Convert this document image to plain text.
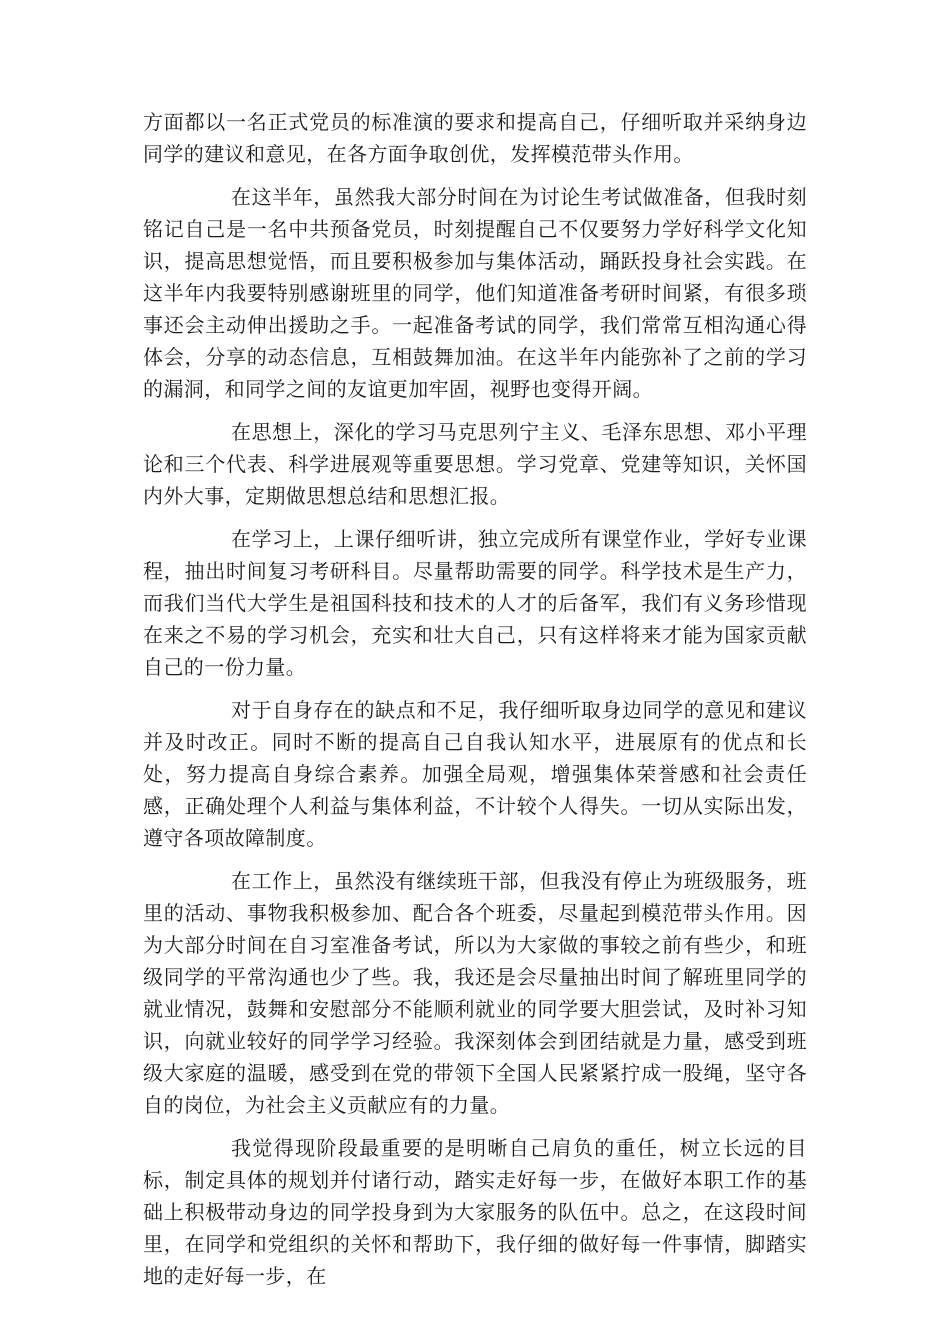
方面都以一名正式党员的标准演的要求和提高自己，仔细听取并采纳身边同学的建议和意见，在各方面争取创优，发挥模范带头作用。

在这半年，虽然我大部分时间在为讨论生考试做准备，但我时刻铭记自己是一名中共预备党员，时刻提醒自己不仅要努力学好科学文化知识，提高思想觉悟，而且要积极参加与集体活动，踊跃投身社会实践。在这半年内我要特别感谢班里的同学，他们知道准备考研时间紧，有很多琐事还会主动伸出援助之手。一起准备考试的同学，我们常常互相沟通心得体会，分享的动态信息，互相鼓舞加油。在这半年内能弥补了之前的学习的漏洞，和同学之间的友谊更加牢固，视野也变得开阔。

在思想上，深化的学习马克思列宁主义、毛泽东思想、邓小平理论和三个代表、科学进展观等重要思想。学习党章、党建等知识，关怀国内外大事，定期做思想总结和思想汇报。

在学习上，上课仔细听讲，独立完成所有课堂作业，学好专业课程，抽出时间复习考研科目。尽量帮助需要的同学。科学技术是生产力，而我们当代大学生是祖国科技和技术的人才的后备军，我们有义务珍惜现在来之不易的学习机会，充实和壮大自己，只有这样将来才能为国家贡献自己的一份力量。

对于自身存在的缺点和不足，我仔细听取身边同学的意见和建议并及时改正。同时不断的提高自己自我认知水平，进展原有的优点和长处，努力提高自身综合素养。加强全局观，增强集体荣誉感和社会责任感，正确处理个人利益与集体利益，不计较个人得失。一切从实际出发，遵守各项故障制度。

在工作上，虽然没有继续班干部，但我没有停止为班级服务，班里的活动、事物我积极参加、配合各个班委，尽量起到模范带头作用。因为大部分时间在自习室准备考试，所以为大家做的事较之前有些少，和班级同学的平常沟通也少了些。我，我还是会尽量抽出时间了解班里同学的就业情况，鼓舞和安慰部分不能顺利就业的同学要大胆尝试，及时补习知识，向就业较好的同学学习经验。我深刻体会到团结就是力量，感受到班级大家庭的温暖，感受到在党的带领下全国人民紧紧拧成一股绳，坚守各自的岗位，为社会主义贡献应有的力量。

我觉得现阶段最重要的是明晰自己肩负的重任，树立长远的目标，制定具体的规划并付诸行动，踏实走好每一步，在做好本职工作的基础上积极带动身边的同学投身到为大家服务的队伍中。总之，在这段时间里，在同学和党组织的关怀和帮助下，我仔细的做好每一件事情，脚踏实地的走好每一步，在
